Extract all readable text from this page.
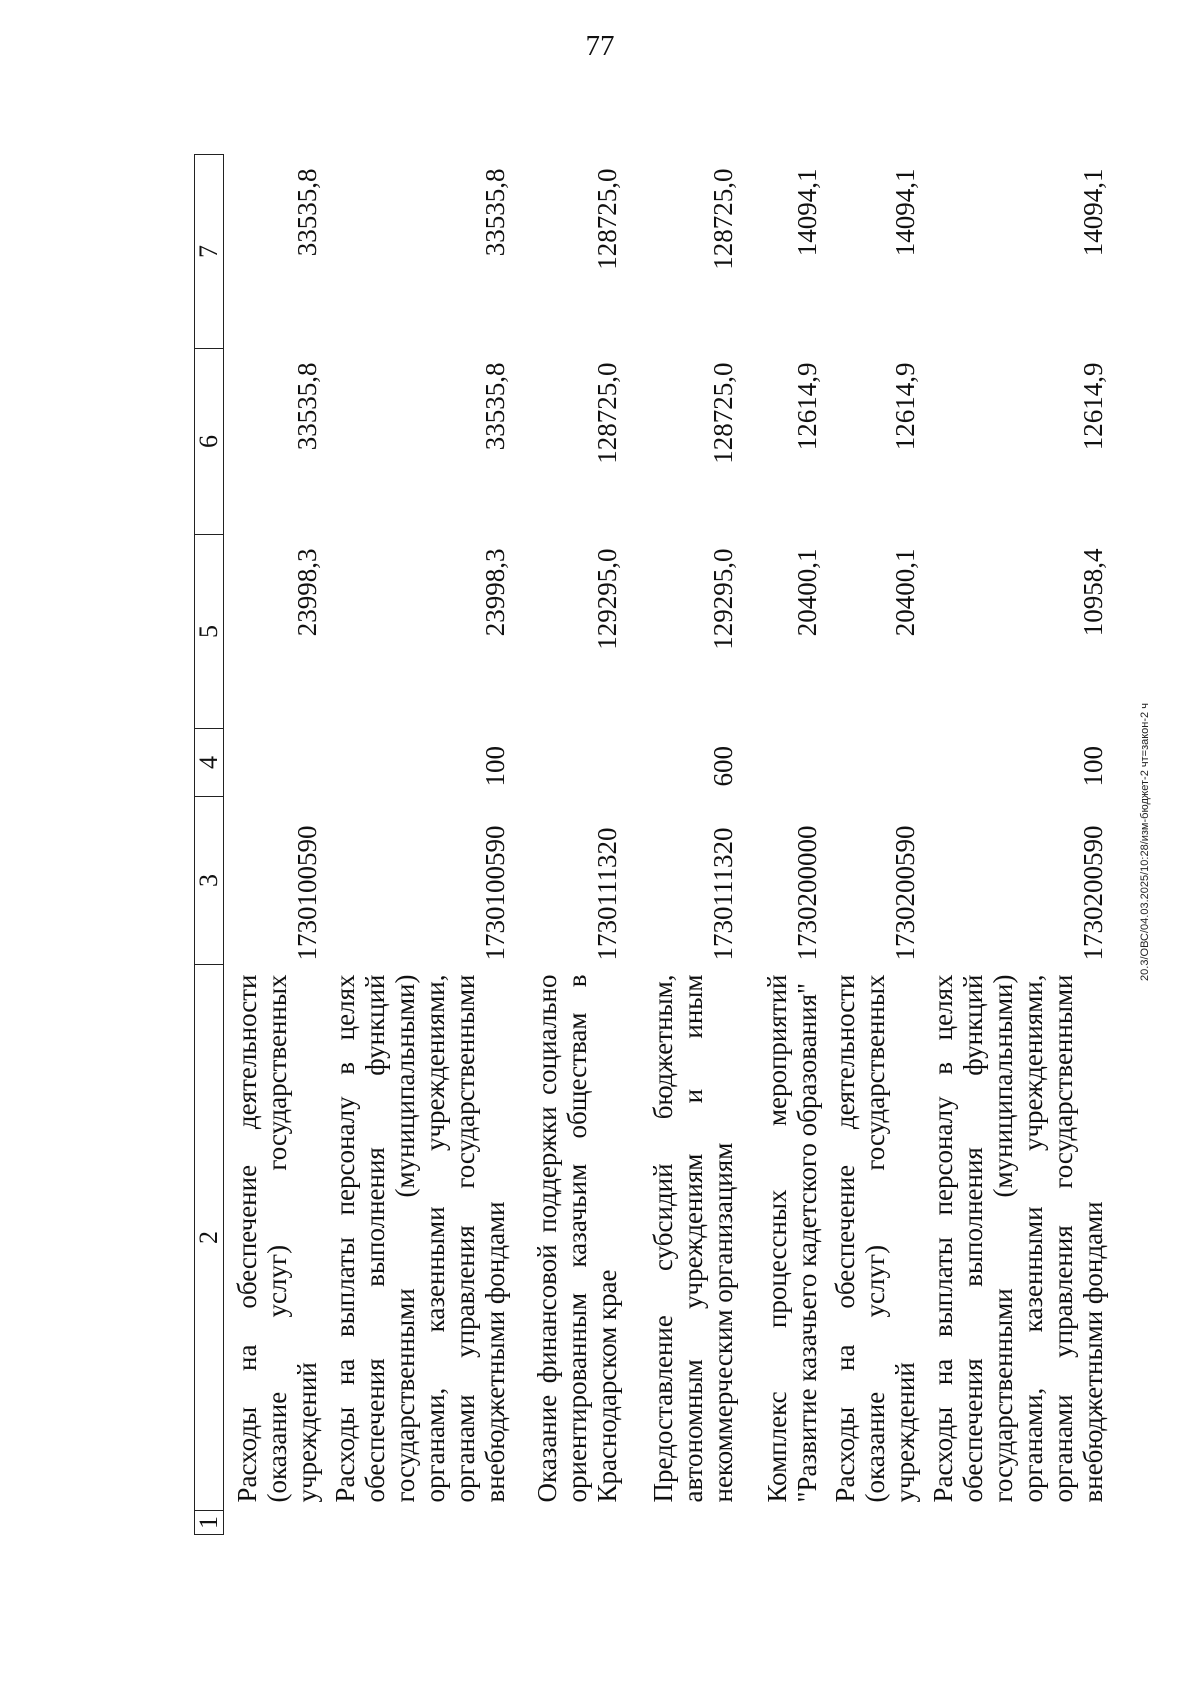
77
1	2	3	4	5	6	7
	Расходы на обеспечение деятельности (оказание услуг) государственных учреждений	1730100590		23998,3	33535,8	33535,8
	Расходы на выплаты персоналу в целях обеспечения выполнения функций государственными (муниципальными) органами, казенными учреждениями, органами управления государственными внебюджетными фондами	1730100590	100	23998,3	33535,8	33535,8
	Оказание финансовой поддержки социально ориентированным казачьим обществам в Краснодарском крае	1730111320		129295,0	128725,0	128725,0
	Предоставление субсидий бюджетным, автономным учреждениям и иным некоммерческим организациям	1730111320	600	129295,0	128725,0	128725,0
	Комплекс процессных мероприятий "Развитие казачьего кадетского образования"	1730200000		20400,1	12614,9	14094,1
	Расходы на обеспечение деятельности (оказание услуг) государственных учреждений	1730200590		20400,1	12614,9	14094,1
	Расходы на выплаты персоналу в целях обеспечения выполнения функций государственными (муниципальными) органами, казенными учреждениями, органами управления государственными внебюджетными фондами	1730200590	100	10958,4	12614,9	14094,1
20.3/ОВС/04.03.2025/10:28/изм-бюджет-2 чт=закон-2 ч
